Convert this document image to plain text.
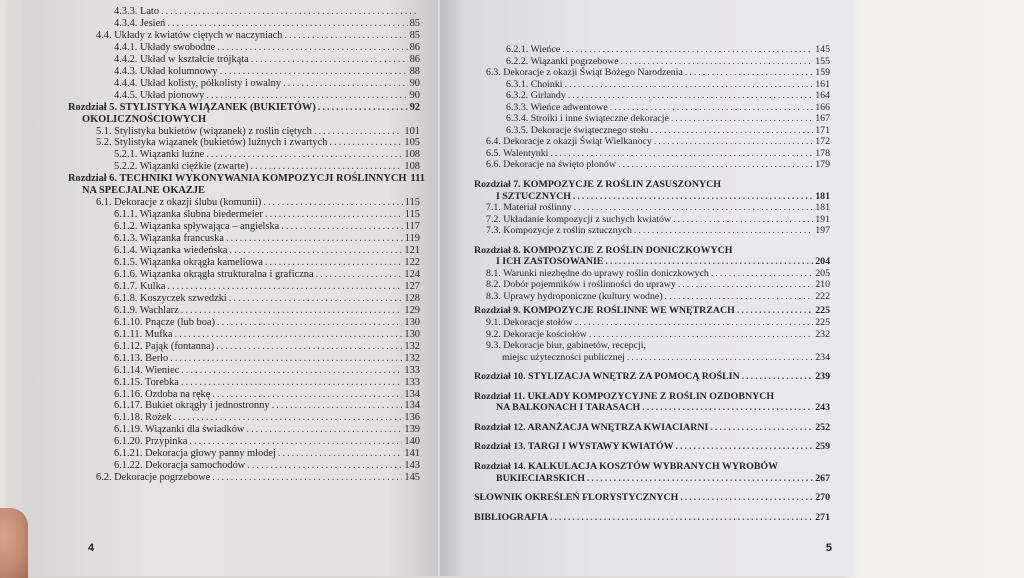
4.3.3. Lato
.....
4.3.4. Jesień .....	85
4.4. Układy z kwiatów ciętych w naczyniach .....	85
4.4.1. Układy swobodne .....	86
4.4.2. Układ w kształcie trójkąta .....	86
4.4.3. Układ kolumnowy .....	88
4.4.4. Układ kolisty, półkolisty i owalny .....	90
4.4.5. Układ pionowy .....	90
Rozdział 5. STYLISTYKA WIĄZANEK (BUKIETÓW) .....	92
OKOLICZNOŚCIOWYCH
5.1. Stylistyka bukietów (wiązanek) z roślin ciętych .....	101
5.2. Stylistyka wiązanek (bukietów) luźnych i zwartych .....	105
5.2.1. Wiązanki luźne .....	108
5.2.2. Wiązanki ciężkie (zwarte) .....	108
Rozdział 6. TECHNIKI WYKONYWANIA KOMPOZYCJI ROŚLINNYCH 111
NA SPECJALNE OKAZJE
6.1. Dekoracje z okazji ślubu (komunii) .....	115
6.1.1. Wiązanka ślubna biedermeier .....	115
6.1.2. Wiązanka spływająca – angielska .....	117
6.1.3. Wiązanka francuska .....	119
6.1.4. Wiązanka wiedeńska .....	121
6.1.5. Wiązanka okrągła kameliowa .....	122
6.1.6. Wiązanka okrągła strukturalna i graficzna .....	124
6.1.7. Kulka .....	127
6.1.8. Koszyczek szwedzki .....	128
6.1.9. Wachlarz .....	129
6.1.10. Pnącze (lub boa) .....	130
6.1.11. Mufka .....	130
6.1.12. Pająk (fontanna) .....	132
6.1.13. Berło .....	132
6.1.14. Wieniec .....	133
6.1.15. Torebka .....	133
6.1.16. Ozdoba na rękę .....	134
6.1.17. Bukiet okrągły i jednostronny .....	134
6.1.18. Rożek .....	136
6.1.19. Wiązanki dla świadków .....	139
6.1.20. Przypinka .....	140
6.1.21. Dekoracja głowy panny młodej .....	141
6.1.22. Dekoracja samochodów .....	143
6.2. Dekoracje pogrzebowe .....	145
4
6.2.1. Wieńce .....	145
6.2.2. Wiązanki pogrzebowe .....	155
6.3. Dekoracje z okazji Świąt Bożego Narodzenia .....	159
6.3.1. Choinki .....	161
6.3.2. Girlandy .....	164
6.3.3. Wieńce adwentowe .....	166
6.3.4. Stroiki i inne świąteczne dekoracje .....	167
6.3.5. Dekoracje świątecznego stołu .....	171
6.4. Dekoracje z okazji Świąt Wielkanocy .....	172
6.5. Walentynki .....	178
6.6. Dekoracje na święto plonów .....	179
Rozdział 7. KOMPOZYCJE Z ROŚLIN ZASUSZONYCH
I SZTUCZNYCH .....	181
7.1. Materiał roślinny .....	181
7.2. Układanie kompozycji z suchych kwiatów .....	191
7.3. Kompozycje z roślin sztucznych .....	197
Rozdział 8. KOMPOZYCJE Z ROŚLIN DONICZKOWYCH
I ICH ZASTOSOWANIE .....	204
8.1. Warunki niezbędne do uprawy roślin doniczkowych .....	205
8.2. Dobór pojemników i roślinności do uprawy .....	210
8.3. Uprawy hydroponiczne (kultury wodne) .....	222
Rozdział 9. KOMPOZYCJE ROŚLINNE WE WNĘTRZACH .....	225
9.1. Dekoracje stołów .....	225
9.2. Dekoracje kościołów .....	232
9.3. Dekoracje biur, gabinetów, recepcji,
miejsc użyteczności publicznej .....	234
Rozdział 10. STYLIZACJA WNĘTRZ ZA POMOCĄ ROŚLIN .....	239
Rozdział 11. UKŁADY KOMPOZYCYJNE Z ROŚLIN OZDOBNYCH
NA BALKONACH I TARASACH .....	243
Rozdział 12. ARANŻACJA WNĘTRZA KWIACIARNI .....	252
Rozdział 13. TARGI I WYSTAWY KWIATÓW .....	259
Rozdział 14. KALKULACJA KOSZTÓW WYBRANYCH WYROBÓW
BUKIECIARSKICH .....	267
SŁOWNIK OKREŚLEŃ FLORYSTYCZNYCH .....	270
BIBLIOGRAFIA .....	271
5
